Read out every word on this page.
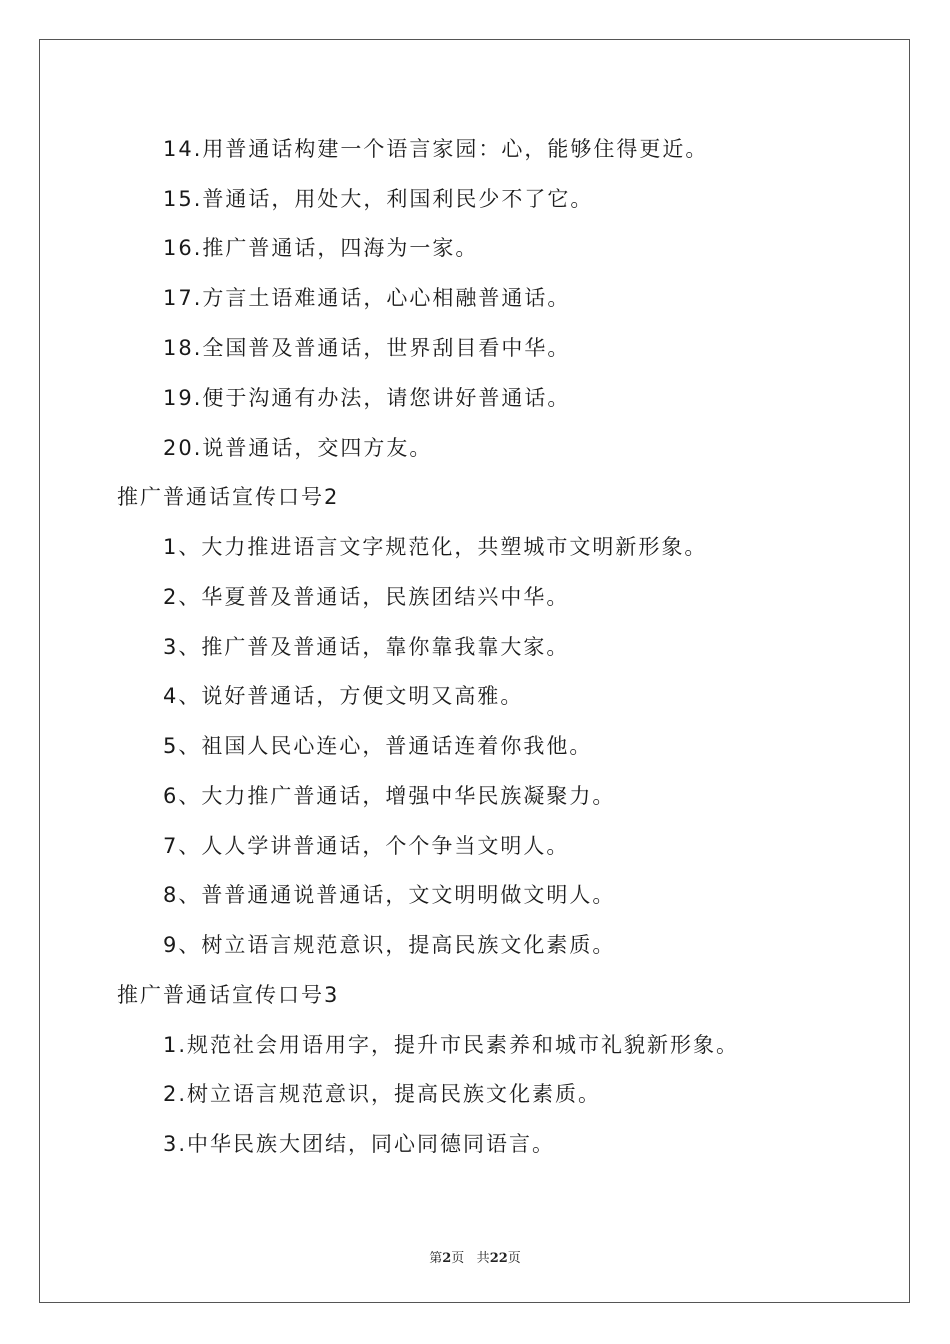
14.用普通话构建一个语言家园：心，能够住得更近。
15.普通话，用处大，利国利民少不了它。
16.推广普通话，四海为一家。
17.方言土语难通话，心心相融普通话。
18.全国普及普通话，世界刮目看中华。
19.便于沟通有办法，请您讲好普通话。
20.说普通话，交四方友。
推广普通话宣传口号2
1、大力推进语言文字规范化，共塑城市文明新形象。
2、华夏普及普通话，民族团结兴中华。
3、推广普及普通话，靠你靠我靠大家。
4、说好普通话，方便文明又高雅。
5、祖国人民心连心，普通话连着你我他。
6、大力推广普通话，增强中华民族凝聚力。
7、人人学讲普通话，个个争当文明人。
8、普普通通说普通话，文文明明做文明人。
9、树立语言规范意识，提高民族文化素质。
推广普通话宣传口号3
1.规范社会用语用字，提升市民素养和城市礼貌新形象。
2.树立语言规范意识，提高民族文化素质。
3.中华民族大团结，同心同德同语言。
第2页 共22页
